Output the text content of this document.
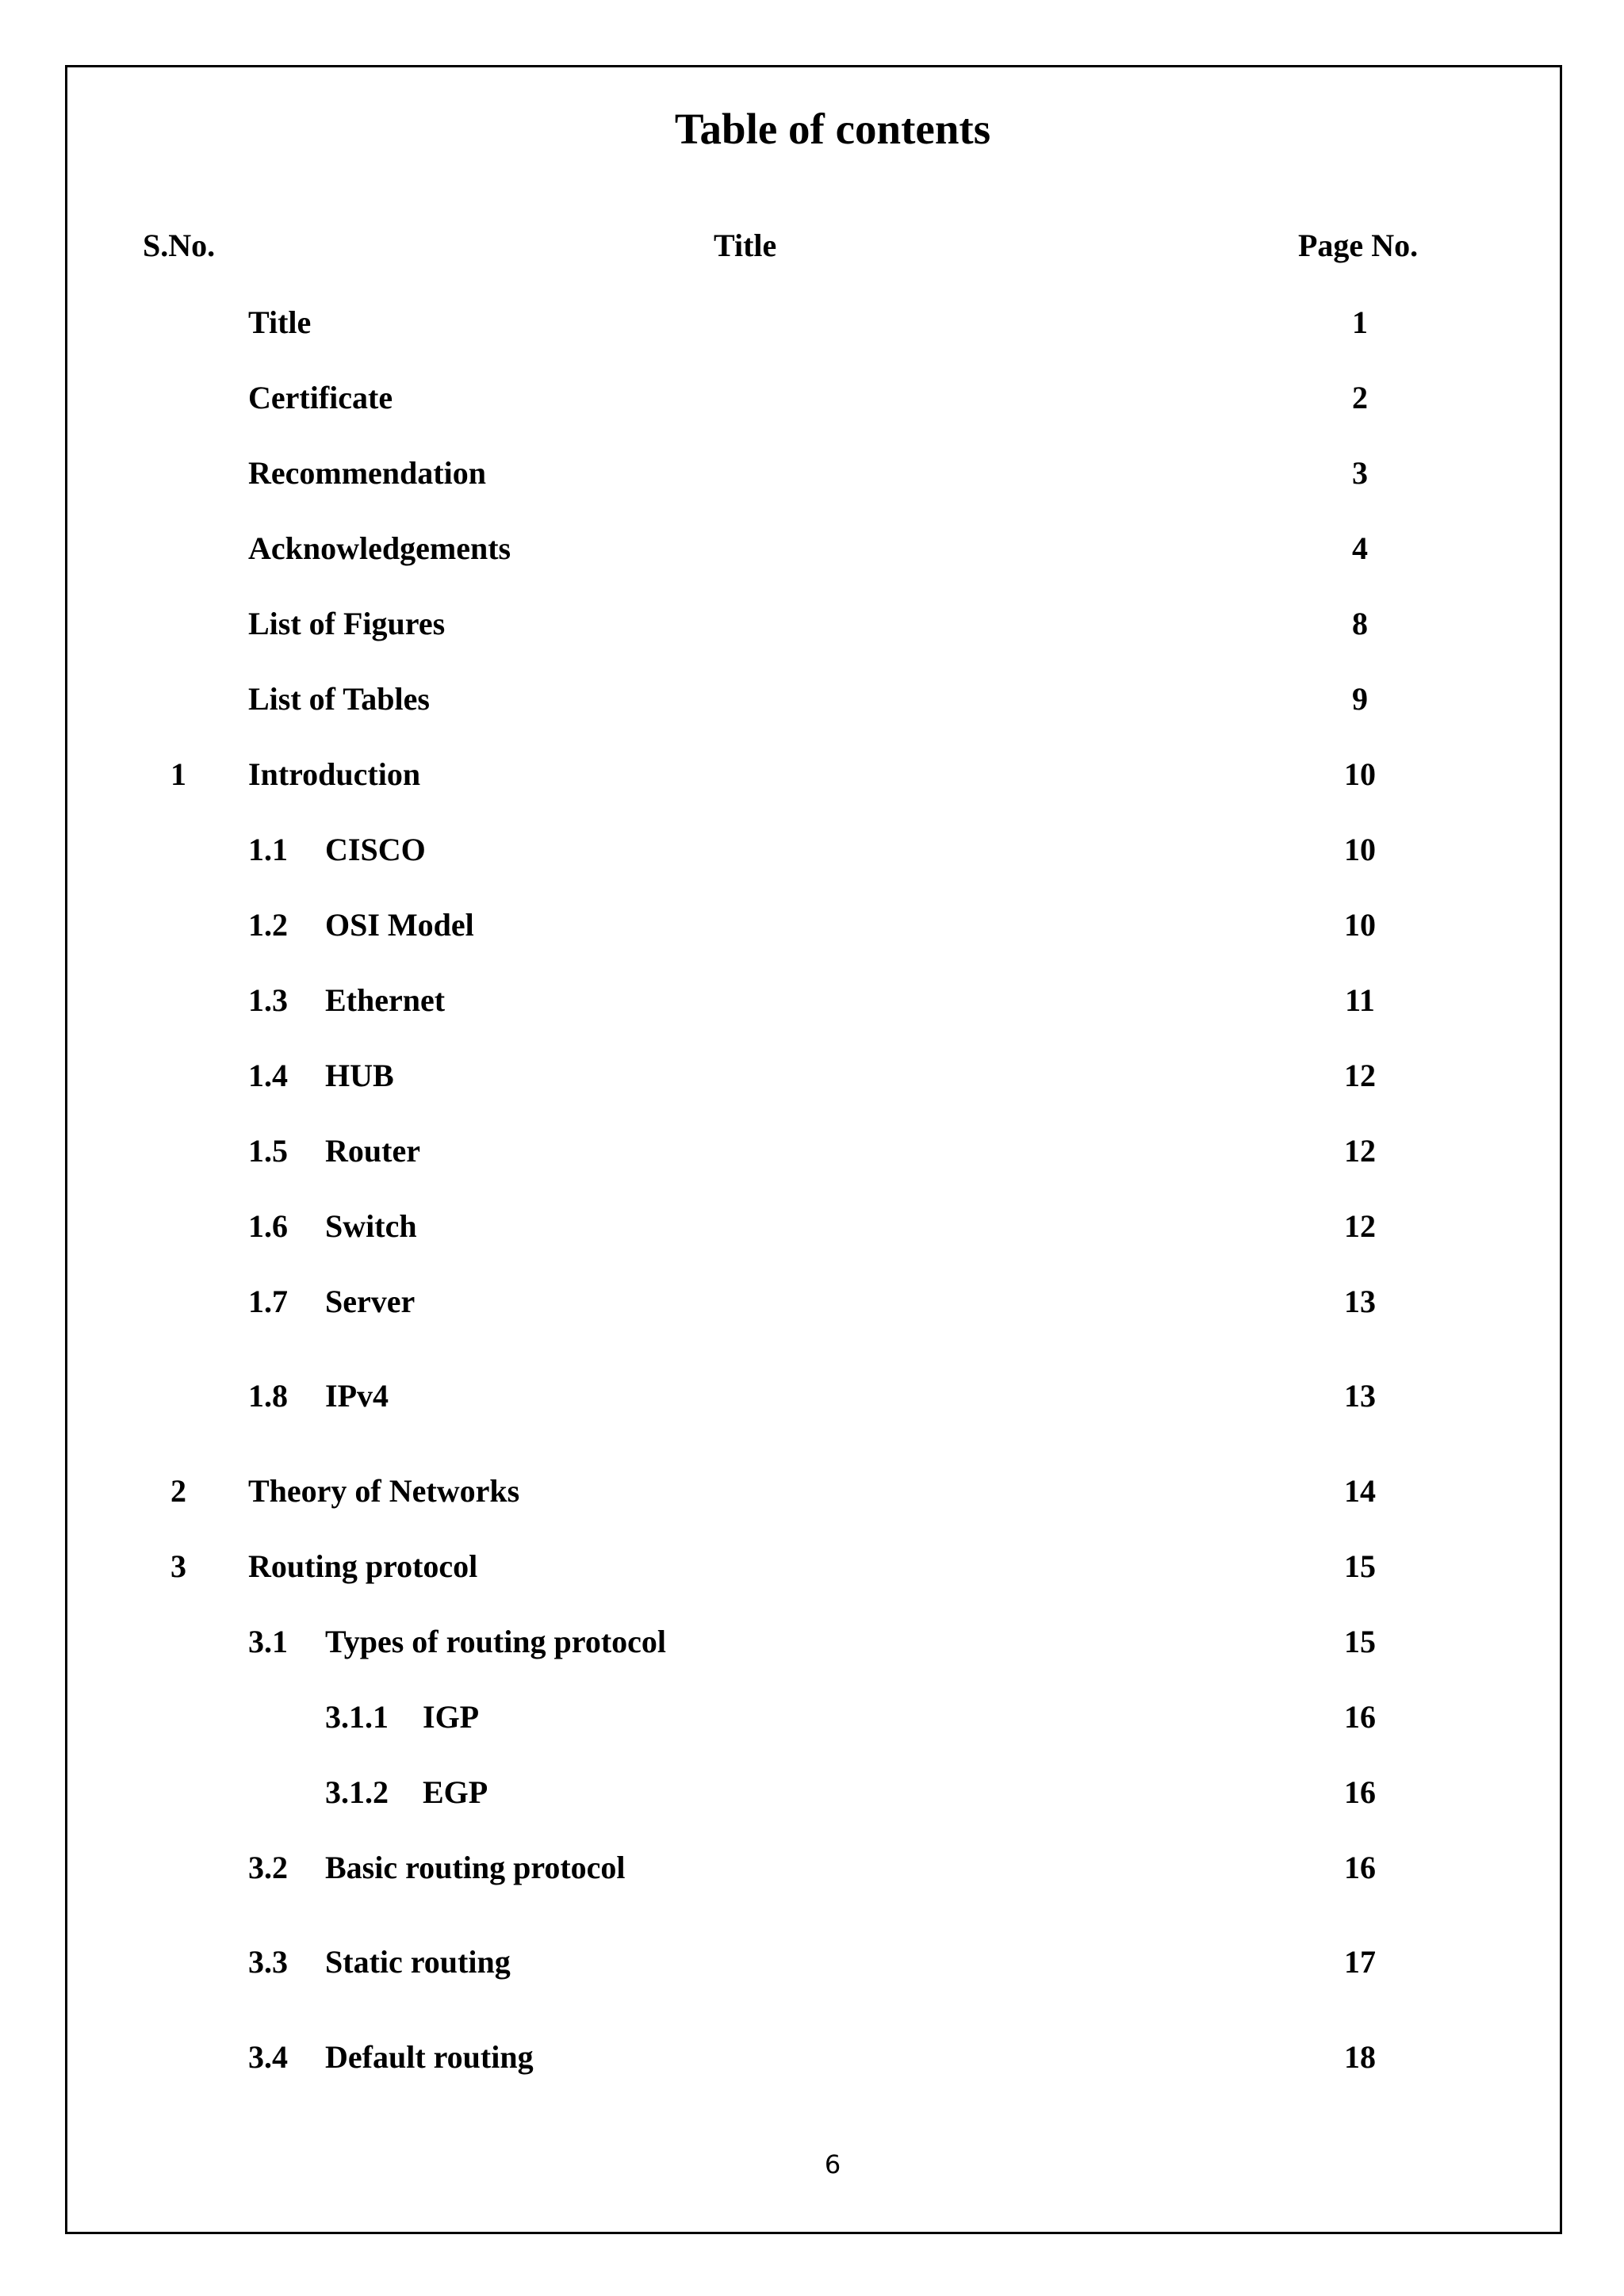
Table of contents
S.No.	Title	Page No.
Title	1
Certificate	2
Recommendation	3
Acknowledgements	4
List of Figures	8
List of Tables	9
1	Introduction	10
1.1 CISCO	10
1.2 OSI Model	10
1.3 Ethernet	11
1.4 HUB	12
1.5 Router	12
1.6 Switch	12
1.7 Server	13
1.8 IPv4	13
2	Theory of Networks	14
3	Routing protocol	15
3.1 Types of routing protocol	15
3.1.1 IGP	16
3.1.2 EGP	16
3.2 Basic routing protocol	16
3.3 Static routing	17
3.4 Default routing	18
6
